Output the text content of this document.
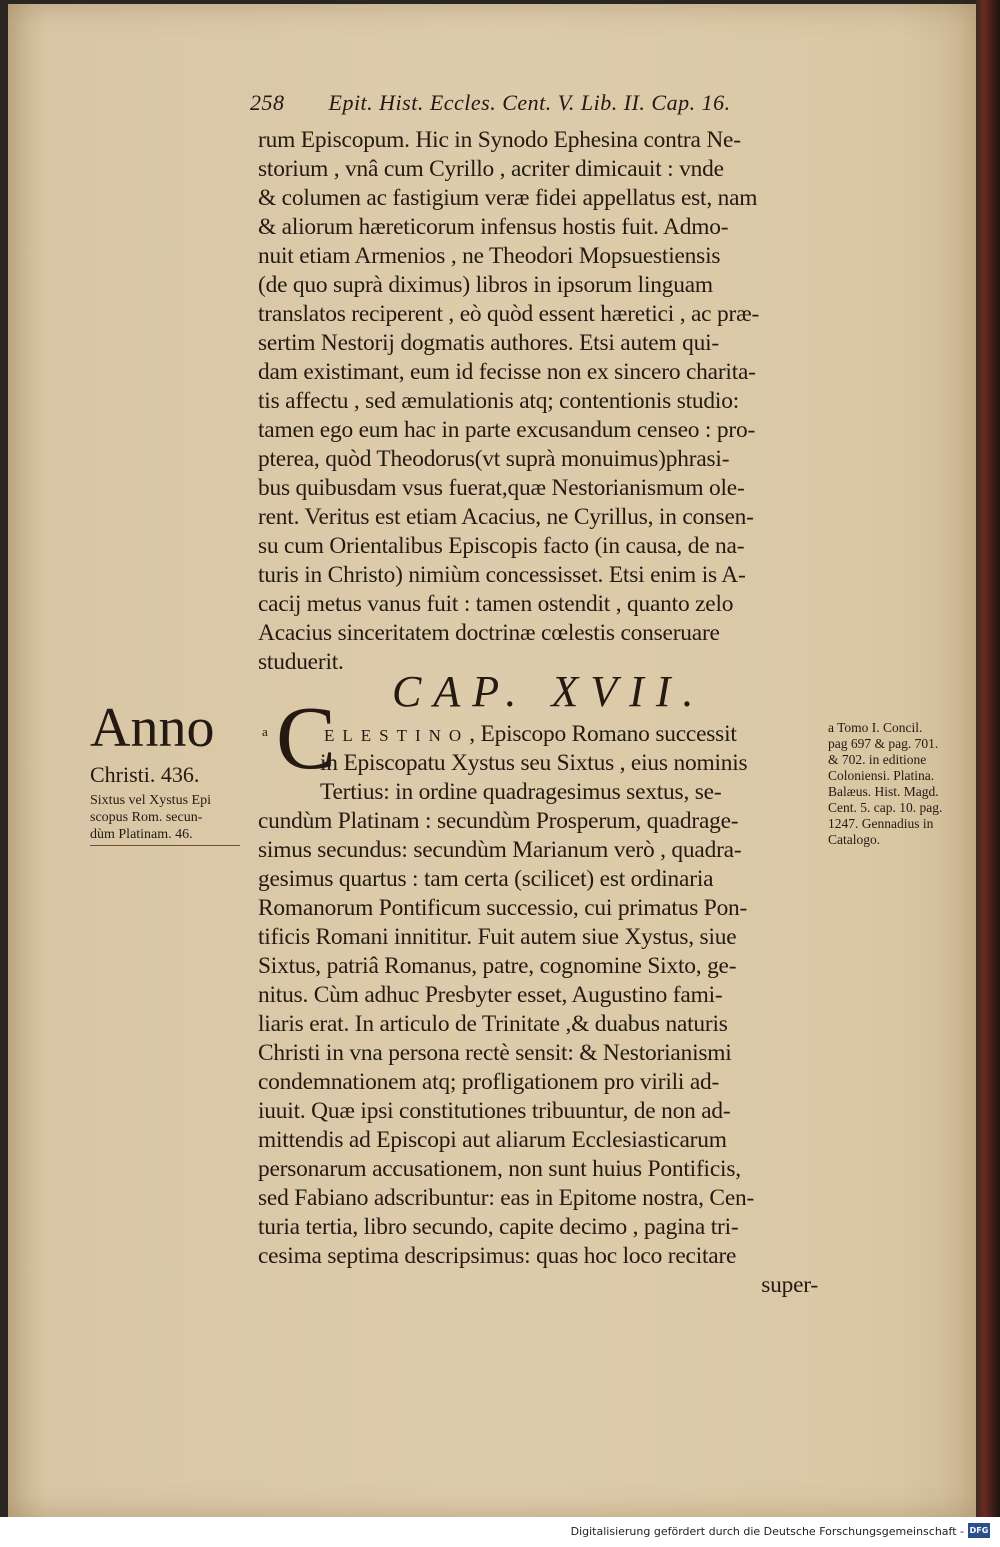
258 Epit. Hist. Eccles. Cent. V. Lib. II. Cap. 16.
rum Episcopum. Hic in Synodo Ephesina contra Ne-
storium , vnâ cum Cyrillo , acriter dimicauit : vnde
& columen ac fastigium veræ fidei appellatus est, nam
& aliorum hæreticorum infensus hostis fuit. Admo-
nuit etiam Armenios , ne Theodori Mopsuestiensis
(de quo suprà diximus) libros in ipsorum linguam
translatos reciperent , eò quòd essent hæretici , ac præ-
sertim Nestorij dogmatis authores. Etsi autem qui-
dam existimant, eum id fecisse non ex sincero charita-
tis affectu , sed æmulationis atq; contentionis studio:
tamen ego eum hac in parte excusandum censeo : pro-
pterea, quòd Theodorus(vt suprà monuimus)phrasi-
bus quibusdam vsus fuerat,quæ Nestorianismum ole-
rent. Veritus est etiam Acacius, ne Cyrillus, in consen-
su cum Orientalibus Episcopis facto (in causa, de na-
turis in Christo) nimiùm concessisset. Etsi enim is A-
cacij metus vanus fuit : tamen ostendit , quanto zelo
Acacius sinceritatem doctrinæ cœlestis conseruare
studuerit.
CAP. XVII.
a C
ELESTINO, Episcopo Romano successit
in Episcopatu Xystus seu Sixtus , eius nominis
Tertius: in ordine quadragesimus sextus, se-
cundùm Platinam : secundùm Prosperum, quadrage-
simus secundus: secundùm Marianum verò , quadra-
gesimus quartus : tam certa (scilicet) est ordinaria
Romanorum Pontificum successio, cui primatus Pon-
tificis Romani innititur. Fuit autem siue Xystus, siue
Sixtus, patriâ Romanus, patre, cognomine Sixto, ge-
nitus. Cùm adhuc Presbyter esset, Augustino fami-
liaris erat. In articulo de Trinitate ,& duabus naturis
Christi in vna persona rectè sensit: & Nestorianismi
condemnationem atq; profligationem pro virili ad-
iuuit. Quæ ipsi constitutiones tribuuntur, de non ad-
mittendis ad Episcopi aut aliarum Ecclesiasticarum
personarum accusationem, non sunt huius Pontificis,
sed Fabiano adscribuntur: eas in Epitome nostra, Cen-
turia tertia, libro secundo, capite decimo , pagina tri-
cesima septima descripsimus: quas hoc loco recitare
super-
Anno
Christi. 436.
Sixtus vel Xystus Epi
scopus Rom. secun-
dùm Platinam. 46.
a Tomo I. Concil.
pag 697 & pag. 701.
& 702. in editione
Coloniensi. Platina.
Balæus. Hist. Magd.
Cent. 5. cap. 10. pag.
1247. Gennadius in
Catalogo.
Digitalisierung gefördert durch die Deutsche Forschungsgemeinschaft - DFG
